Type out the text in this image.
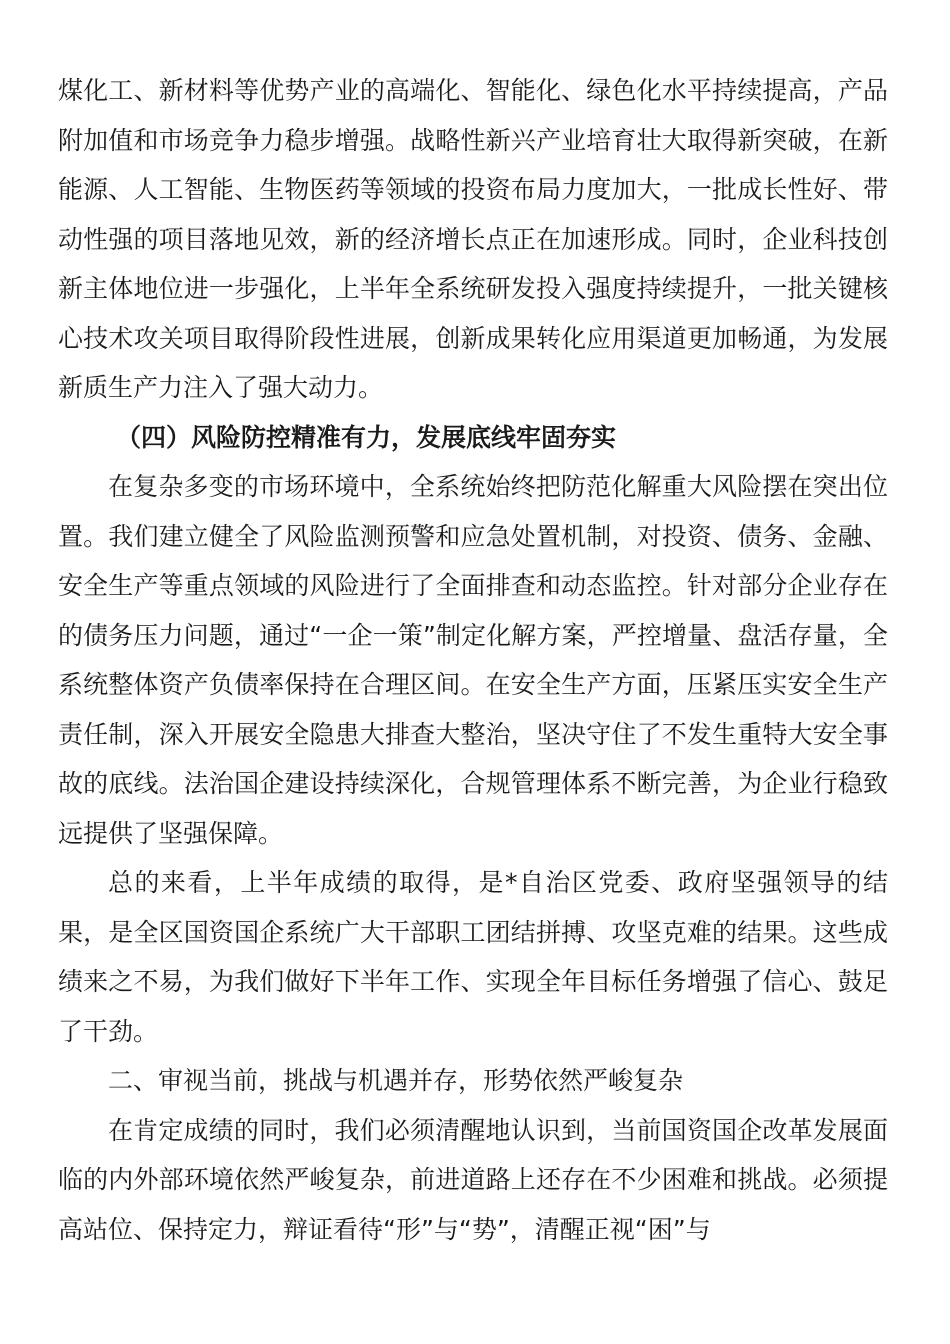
煤化工、新材料等优势产业的高端化、智能化、绿色化水平持续提高，产品附加值和市场竞争力稳步增强。战略性新兴产业培育壮大取得新突破，在新能源、人工智能、生物医药等领域的投资布局力度加大，一批成长性好、带动性强的项目落地见效，新的经济增长点正在加速形成。同时，企业科技创新主体地位进一步强化，上半年全系统研发投入强度持续提升，一批关键核心技术攻关项目取得阶段性进展，创新成果转化应用渠道更加畅通，为发展新质生产力注入了强大动力。

（四）风险防控精准有力，发展底线牢固夯实

在复杂多变的市场环境中，全系统始终把防范化解重大风险摆在突出位置。我们建立健全了风险监测预警和应急处置机制，对投资、债务、金融、安全生产等重点领域的风险进行了全面排查和动态监控。针对部分企业存在的债务压力问题，通过“一企一策”制定化解方案，严控增量、盘活存量，全系统整体资产负债率保持在合理区间。在安全生产方面，压紧压实安全生产责任制，深入开展安全隐患大排查大整治，坚决守住了不发生重特大安全事故的底线。法治国企建设持续深化，合规管理体系不断完善，为企业行稳致远提供了坚强保障。

总的来看，上半年成绩的取得，是*自治区党委、政府坚强领导的结果，是全区国资国企系统广大干部职工团结拼搏、攻坚克难的结果。这些成绩来之不易，为我们做好下半年工作、实现全年目标任务增强了信心、鼓足了干劲。

二、审视当前，挑战与机遇并存，形势依然严峻复杂

在肯定成绩的同时，我们必须清醒地认识到，当前国资国企改革发展面临的内外部环境依然严峻复杂，前进道路上还存在不少困难和挑战。必须提高站位、保持定力，辩证看待“形”与“势”，清醒正视“困”与
